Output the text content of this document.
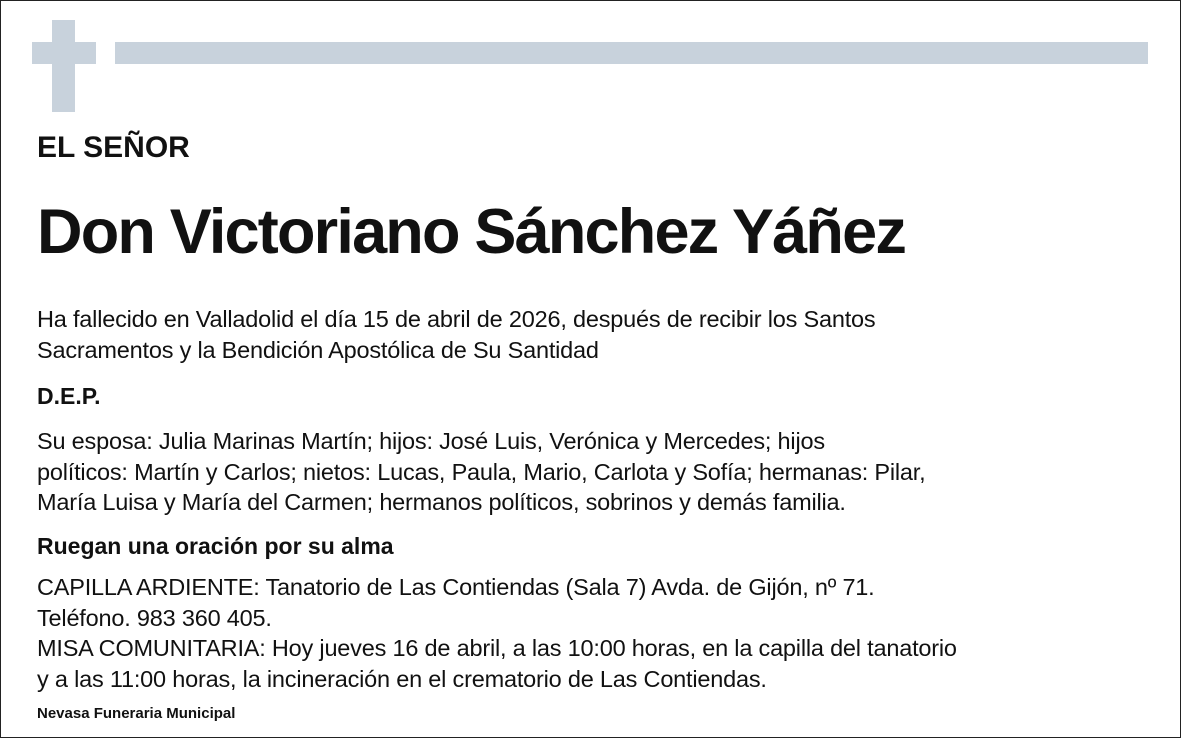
EL SEÑOR
Don Victoriano Sánchez Yáñez
Ha fallecido en Valladolid el día 15 de abril de 2026, después de recibir los Santos
Sacramentos y la Bendición Apostólica de Su Santidad
D.E.P.
Su esposa: Julia Marinas Martín; hijos: José Luis, Verónica y Mercedes; hijos
políticos: Martín y Carlos; nietos: Lucas, Paula, Mario, Carlota y Sofía; hermanas: Pilar,
María Luisa y María del Carmen; hermanos políticos, sobrinos y demás familia.
Ruegan una oración por su alma
CAPILLA ARDIENTE: Tanatorio de Las Contiendas (Sala 7) Avda. de Gijón, nº 71.
Teléfono. 983 360 405.
MISA COMUNITARIA: Hoy jueves 16 de abril, a las 10:00 horas, en la capilla del tanatorio
y a las 11:00 horas, la incineración en el crematorio de Las Contiendas.
Nevasa Funeraria Municipal
